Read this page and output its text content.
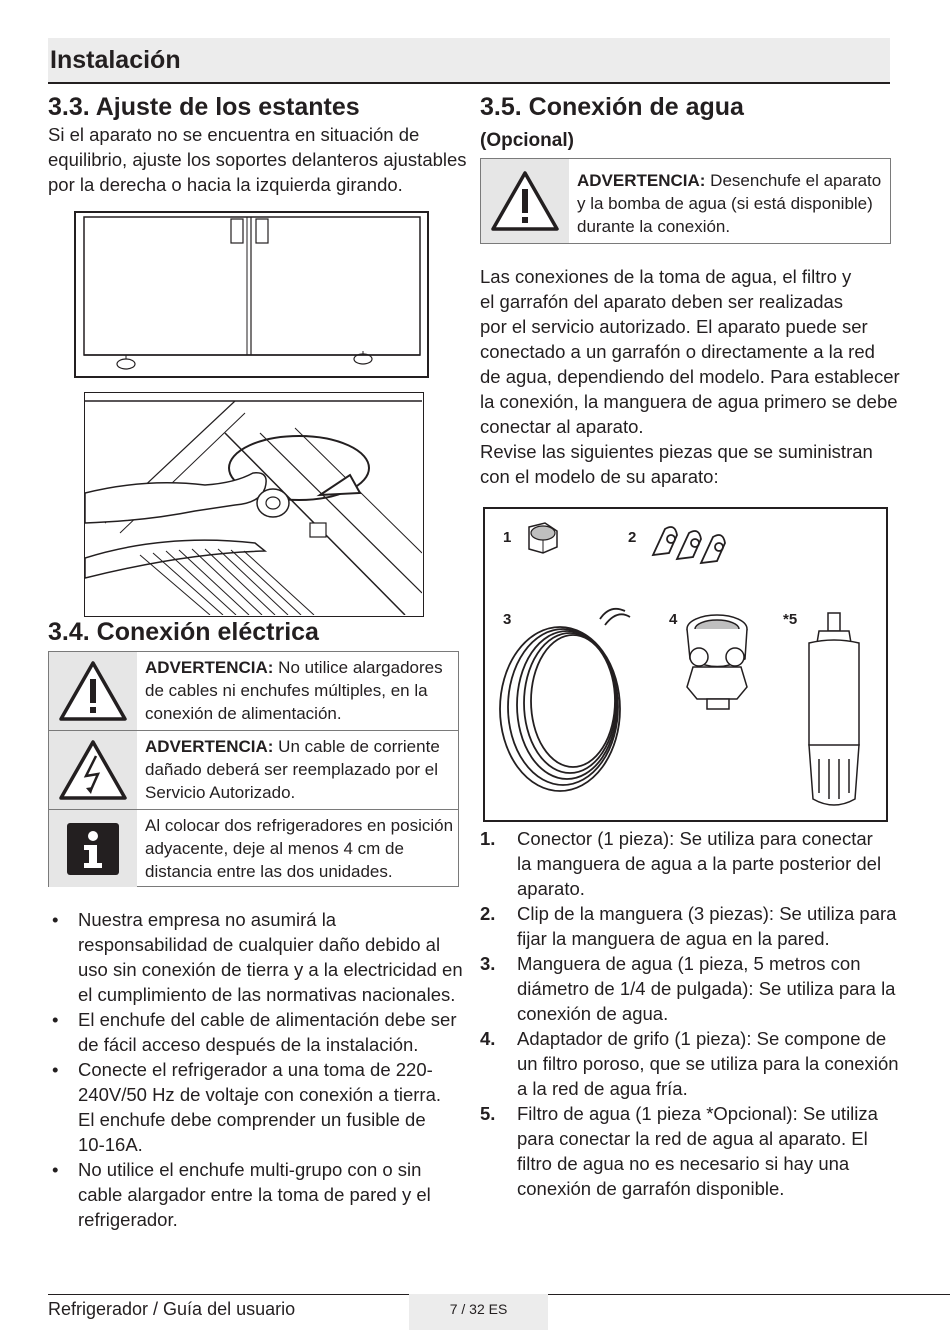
Instalación
3.3. Ajuste de los estantes
Si el aparato no se encuentra en situación de
equilibrio, ajuste los soportes delanteros ajustables
por la derecha o hacia la izquierda girando.
3.4. Conexión eléctrica
ADVERTENCIA: No utilice alargadores
de cables ni enchufes múltiples, en la
conexión de alimentación.
ADVERTENCIA: Un cable de corriente
dañado deberá ser reemplazado por el
Servicio Autorizado.
Al colocar dos refrigeradores en posición
adyacente, deje al menos 4 cm de
distancia entre las dos unidades.
• Nuestra empresa no asumirá la
responsabilidad de cualquier daño debido al
uso sin conexión de tierra y a la electricidad en
el cumplimiento de las normativas nacionales.
• El enchufe del cable de alimentación debe ser
de fácil acceso después de la instalación.
• Conecte el refrigerador a una toma de 220-
240V/50 Hz de voltaje con conexión a tierra.
El enchufe debe comprender un fusible de
10-16A.
• No utilice el enchufe multi-grupo con o sin
cable alargador entre la toma de pared y el
refrigerador.
3.5. Conexión de agua
(Opcional)
ADVERTENCIA: Desenchufe el aparato
y la bomba de agua (si está disponible)
durante la conexión.
Las conexiones de la toma de agua, el filtro y
el garrafón del aparato deben ser realizadas
por el servicio autorizado. El aparato puede ser
conectado a un garrafón o directamente a la red
de agua, dependiendo del modelo. Para establecer
la conexión, la manguera de agua primero se debe
conectar al aparato.
Revise las siguientes piezas que se suministran
con el modelo de su aparato:
1	2
3	4	*5
1. Conector (1 pieza): Se utiliza para conectar
la manguera de agua a la parte posterior del
aparato.
2. Clip de la manguera (3 piezas): Se utiliza para
fijar la manguera de agua en la pared.
3. Manguera de agua (1 pieza, 5 metros con
diámetro de 1/4 de pulgada): Se utiliza para la
conexión de agua.
4. Adaptador de grifo (1 pieza): Se compone de
un filtro poroso, que se utiliza para la conexión
a la red de agua fría.
5. Filtro de agua (1 pieza *Opcional): Se utiliza
para conectar la red de agua al aparato. El
filtro de agua no es necesario si hay una
conexión de garrafón disponible.
Refrigerador / Guía del usuario	7 / 32 ES
